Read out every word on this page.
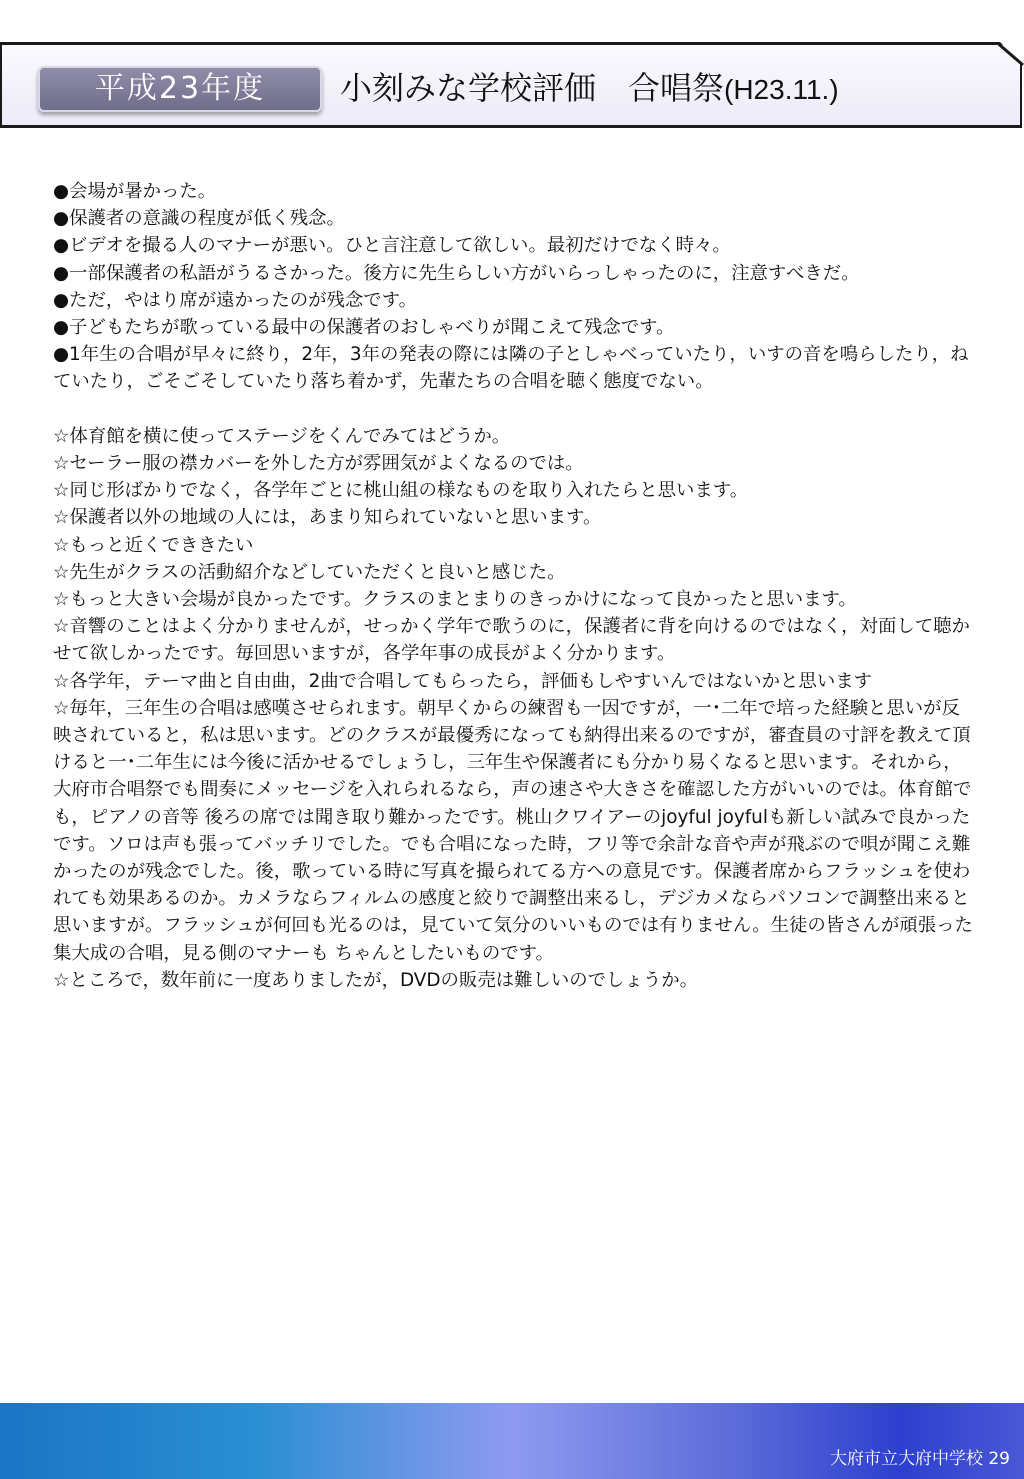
平成23年度	小刻みな学校評価　合唱祭(H23.11.)

●会場が暑かった。

●保護者の意識の程度が低く残念。

●ビデオを撮る人のマナーが悪い。ひと言注意して欲しい。最初だけでなく時々。

●一部保護者の私語がうるさかった。後方に先生らしい方がいらっしゃったのに，注意すべきだ。

●ただ，やはり席が遠かったのが残念です。

●子どもたちが歌っている最中の保護者のおしゃべりが聞こえて残念です。

●1年生の合唱が早々に終り，2年，3年の発表の際には隣の子としゃべっていたり，いすの音を鳴らしたり，ねていたり，ごそごそしていたり落ち着かず，先輩たちの合唱を聴く態度でない。

☆体育館を横に使ってステージをくんでみてはどうか。

☆セーラー服の襟カバーを外した方が雰囲気がよくなるのでは。

☆同じ形ばかりでなく，各学年ごとに桃山組の様なものを取り入れたらと思います。

☆保護者以外の地域の人には，あまり知られていないと思います。

☆もっと近くでききたい

☆先生がクラスの活動紹介などしていただくと良いと感じた。

☆もっと大きい会場が良かったです。クラスのまとまりのきっかけになって良かったと思います。

☆音響のことはよく分かりませんが，せっかく学年で歌うのに，保護者に背を向けるのではなく，対面して聴かせて欲しかったです。毎回思いますが，各学年事の成長がよく分かります。

☆各学年，テーマ曲と自由曲，2曲で合唱してもらったら，評価もしやすいんではないかと思います

☆毎年，三年生の合唱は感嘆させられます。朝早くからの練習も一因ですが，一･二年で培った経験と思いが反映されていると，私は思います。どのクラスが最優秀になっても納得出来るのですが，審査員の寸評を教えて頂けると一･二年生には今後に活かせるでしょうし，三年生や保護者にも分かり易くなると思います。それから，大府市合唱祭でも間奏にメッセージを入れられるなら，声の速さや大きさを確認した方がいいのでは。体育館でも，ピアノの音等 後ろの席では聞き取り難かったです。桃山クワイアーのjoyful joyfulも新しい試みで良かったです。ソロは声も張ってバッチリでした。でも合唱になった時，フリ等で余計な音や声が飛ぶので唄が聞こえ難かったのが残念でした。後，歌っている時に写真を撮られてる方への意見です。保護者席からフラッシュを使われても効果あるのか。カメラならフィルムの感度と絞りで調整出来るし，デジカメならパソコンで調整出来ると思いますが。フラッシュが何回も光るのは，見ていて気分のいいものでは有りません。生徒の皆さんが頑張った集大成の合唱，見る側のマナーも ちゃんとしたいものです。

☆ところで，数年前に一度ありましたが，DVDの販売は難しいのでしょうか。

大府市立大府中学校 29
